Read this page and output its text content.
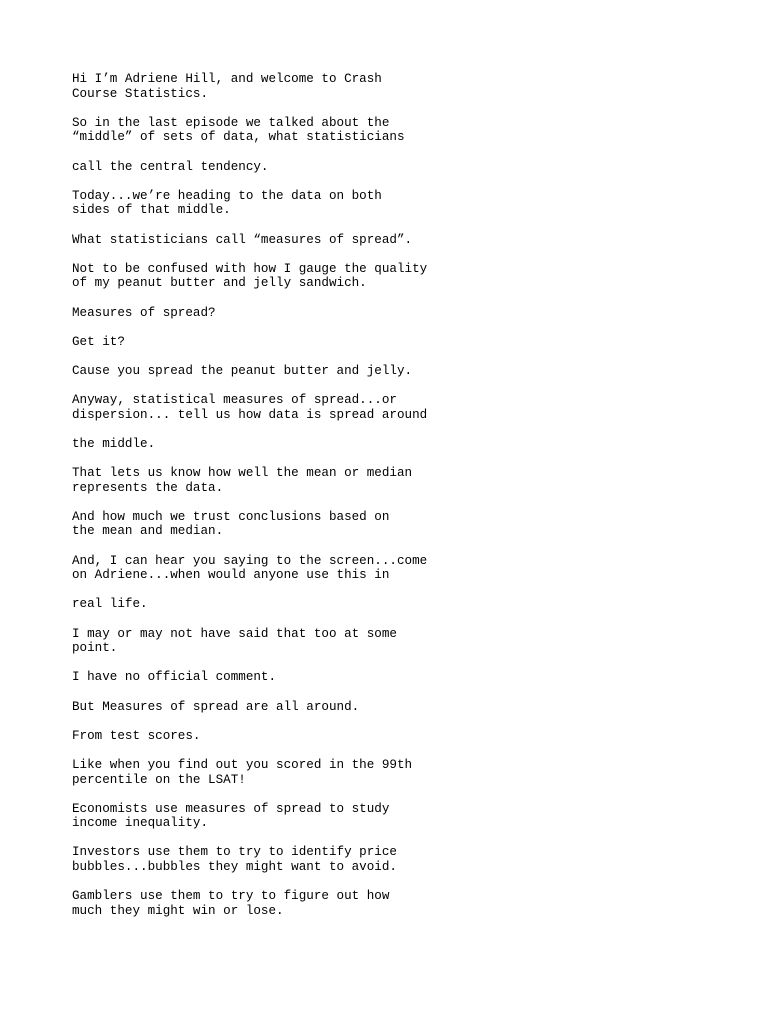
Hi I’m Adriene Hill, and welcome to Crash
Course Statistics.

So in the last episode we talked about the
“middle” of sets of data, what statisticians

call the central tendency.

Today...we’re heading to the data on both
sides of that middle.

What statisticians call “measures of spread”.

Not to be confused with how I gauge the quality
of my peanut butter and jelly sandwich.

Measures of spread?

Get it?

Cause you spread the peanut butter and jelly.

Anyway, statistical measures of spread...or
dispersion... tell us how data is spread around

the middle.

That lets us know how well the mean or median
represents the data.

And how much we trust conclusions based on
the mean and median.

And, I can hear you saying to the screen...come
on Adriene...when would anyone use this in

real life.

I may or may not have said that too at some
point.

I have no official comment.

But Measures of spread are all around.

From test scores.

Like when you find out you scored in the 99th
percentile on the LSAT!

Economists use measures of spread to study
income inequality.

Investors use them to try to identify price
bubbles...bubbles they might want to avoid.

Gamblers use them to try to figure out how
much they might win or lose.
